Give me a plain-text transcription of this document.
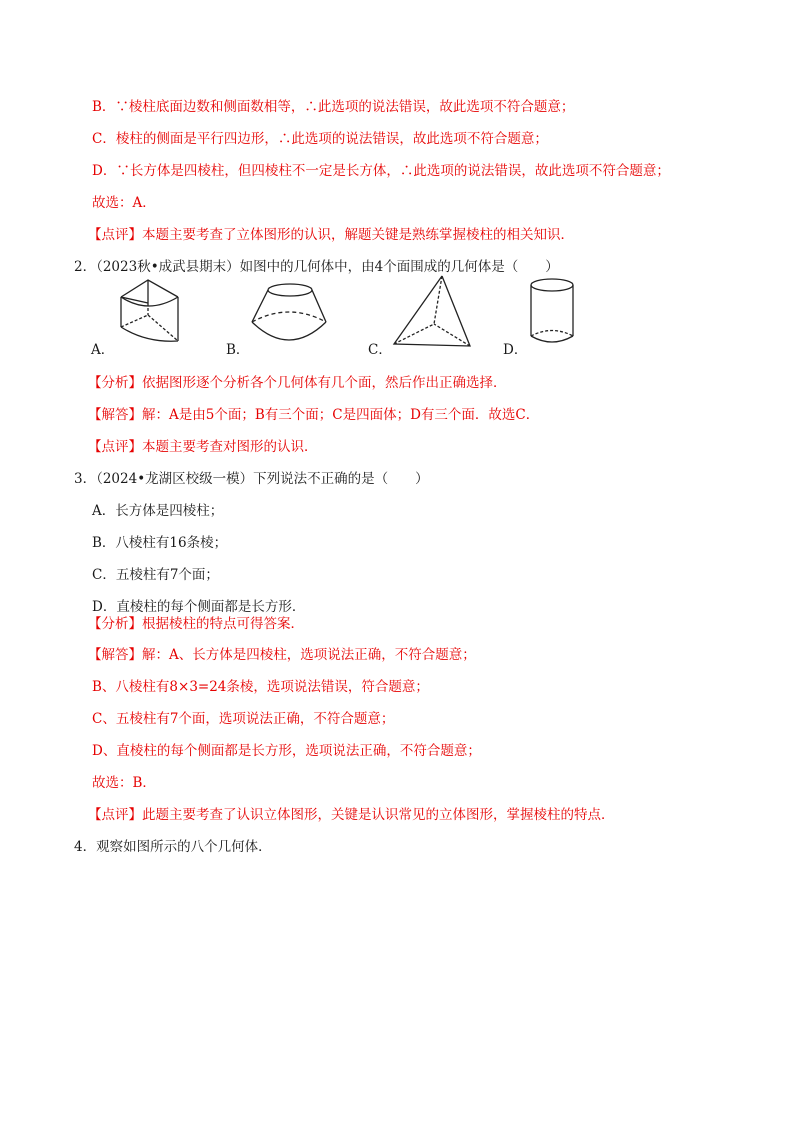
B．∵棱柱底面边数和侧面数相等，∴此选项的说法错误，故此选项不符合题意；
C．棱柱的侧面是平行四边形，∴此选项的说法错误，故此选项不符合题意；
D．∵长方体是四棱柱，但四棱柱不一定是长方体，∴此选项的说法错误，故此选项不符合题意；
故选：A．
【点评】本题主要考查了立体图形的认识，解题关键是熟练掌握棱柱的相关知识．
2．（2023秋•成武县期末）如图中的几何体中，由4个面围成的几何体是（　　）
A．	B．	C．	D．
【分析】依据图形逐个分析各个几何体有几个面，然后作出正确选择．
【解答】解：A是由5个面；B有三个面；C是四面体；D有三个面．故选C．
【点评】本题主要考查对图形的认识．
3．（2024•龙湖区校级一模）下列说法不正确的是（　　）
A．长方体是四棱柱；
B．八棱柱有16条棱；
C．五棱柱有7个面；
D．直棱柱的每个侧面都是长方形．
【分析】根据棱柱的特点可得答案．
【解答】解：A、长方体是四棱柱，选项说法正确，不符合题意；
B、八棱柱有8×3=24条棱，选项说法错误，符合题意；
C、五棱柱有7个面，选项说法正确，不符合题意；
D、直棱柱的每个侧面都是长方形，选项说法正确，不符合题意；
故选：B．
【点评】此题主要考查了认识立体图形，关键是认识常见的立体图形，掌握棱柱的特点．
4．观察如图所示的八个几何体．
